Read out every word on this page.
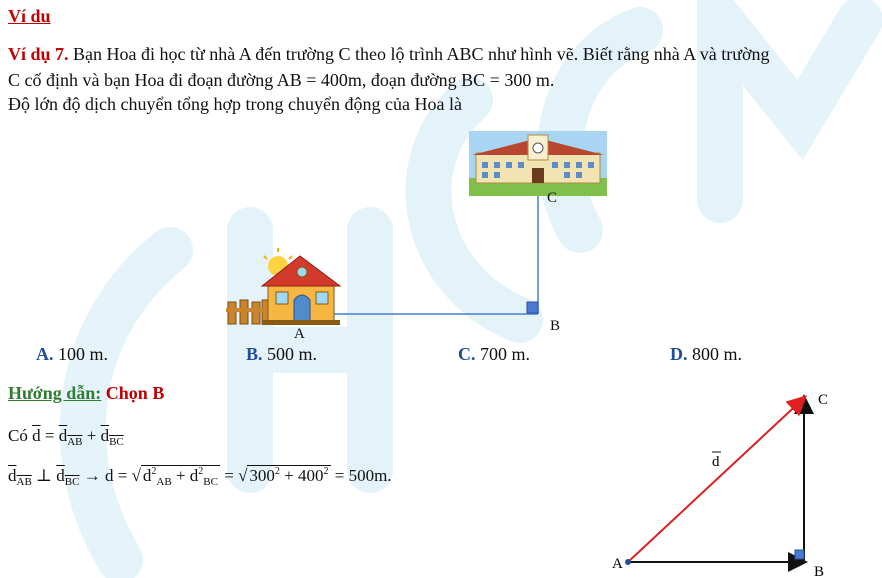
Ví du
Ví dụ 7. Bạn Hoa đi học từ nhà A đến trường C theo lộ trình ABC như hình vẽ. Biết rằng nhà A và trường
C cố định và bạn Hoa đi đoạn đường AB = 400m, đoạn đường BC = 300 m.
Độ lớn độ dịch chuyển tổng hợp trong chuyển động của Hoa là
A	B
C
A. 100 m.	B. 500 m.	C. 700 m.	D. 800 m.
Hướng dẫn: Chọn B
Có $\overline{d} = d_{AB} + d_{BC}$
$d_{AB}$ ⊥ $d_{BC} \to d$ = √ $d^2_{AB} + d^2_{BC}$ = √ $300^2 + 400^2 = 500m$.
A	B
C
d
